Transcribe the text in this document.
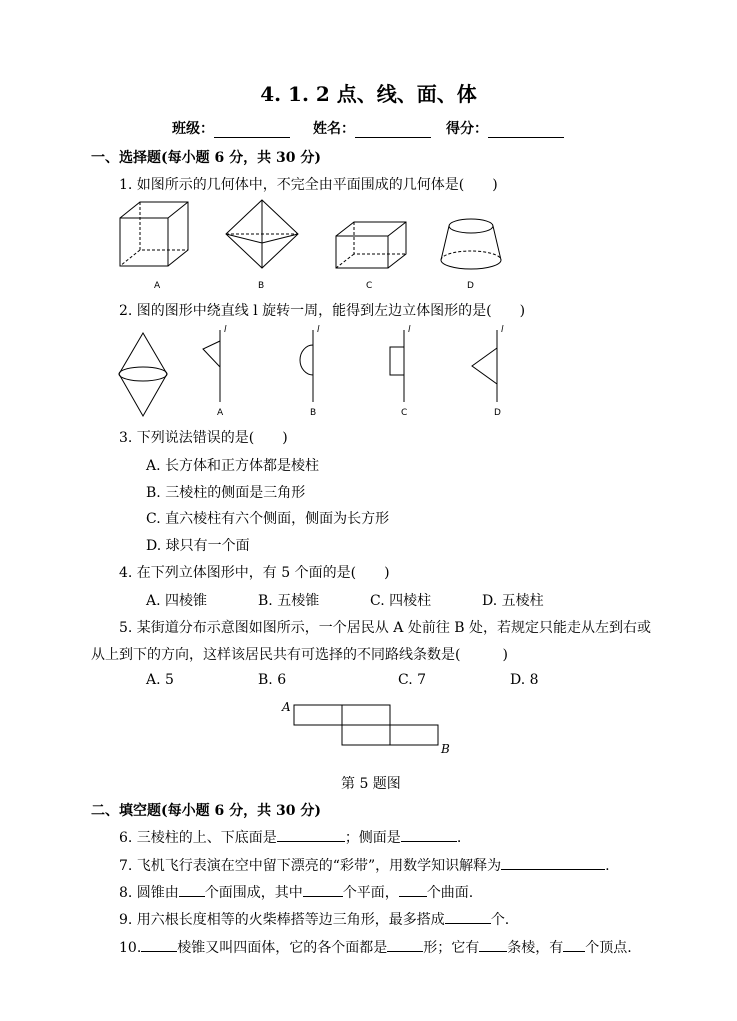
4. 1. 2 点、线、面、体
班级：	姓名：	得分：
一、选择题(每小题 6 分，共 30 分)
1. 如图所示的几何体中，不完全由平面围成的几何体是(　　)
A	B	C	D
2. 图的图形中绕直线 l 旋转一周，能得到左边立体图形的是(　　)
l	l	l	l
A	B	C	D
3. 下列说法错误的是(　　)
A. 长方体和正方体都是棱柱
B. 三棱柱的侧面是三角形
C. 直六棱柱有六个侧面，侧面为长方形
D. 球只有一个面
4. 在下列立体图形中，有 5 个面的是(　　)
A. 四棱锥	B. 五棱锥	C. 四棱柱	D. 五棱柱
5. 某街道分布示意图如图所示，一个居民从 A 处前往 B 处，若规定只能走从左到右或
从上到下的方向，这样该居民共有可选择的不同路线条数是(　　　)
A. 5	B. 6	C. 7	D. 8
A
B
第 5 题图
二、填空题(每小题 6 分，共 30 分)
6. 三棱柱的上、下底面是	；侧面是	.
7. 飞机飞行表演在空中留下漂亮的“彩带”，用数学知识解释为	.
8. 圆锥由 个面围成，其中	个平面， 个曲面.
9. 用六根长度相等的火柴棒搭等边三角形，最多搭成	个.
10.	棱锥又叫四面体，它的各个面都是	形；它有 条棱，有 个顶点.
